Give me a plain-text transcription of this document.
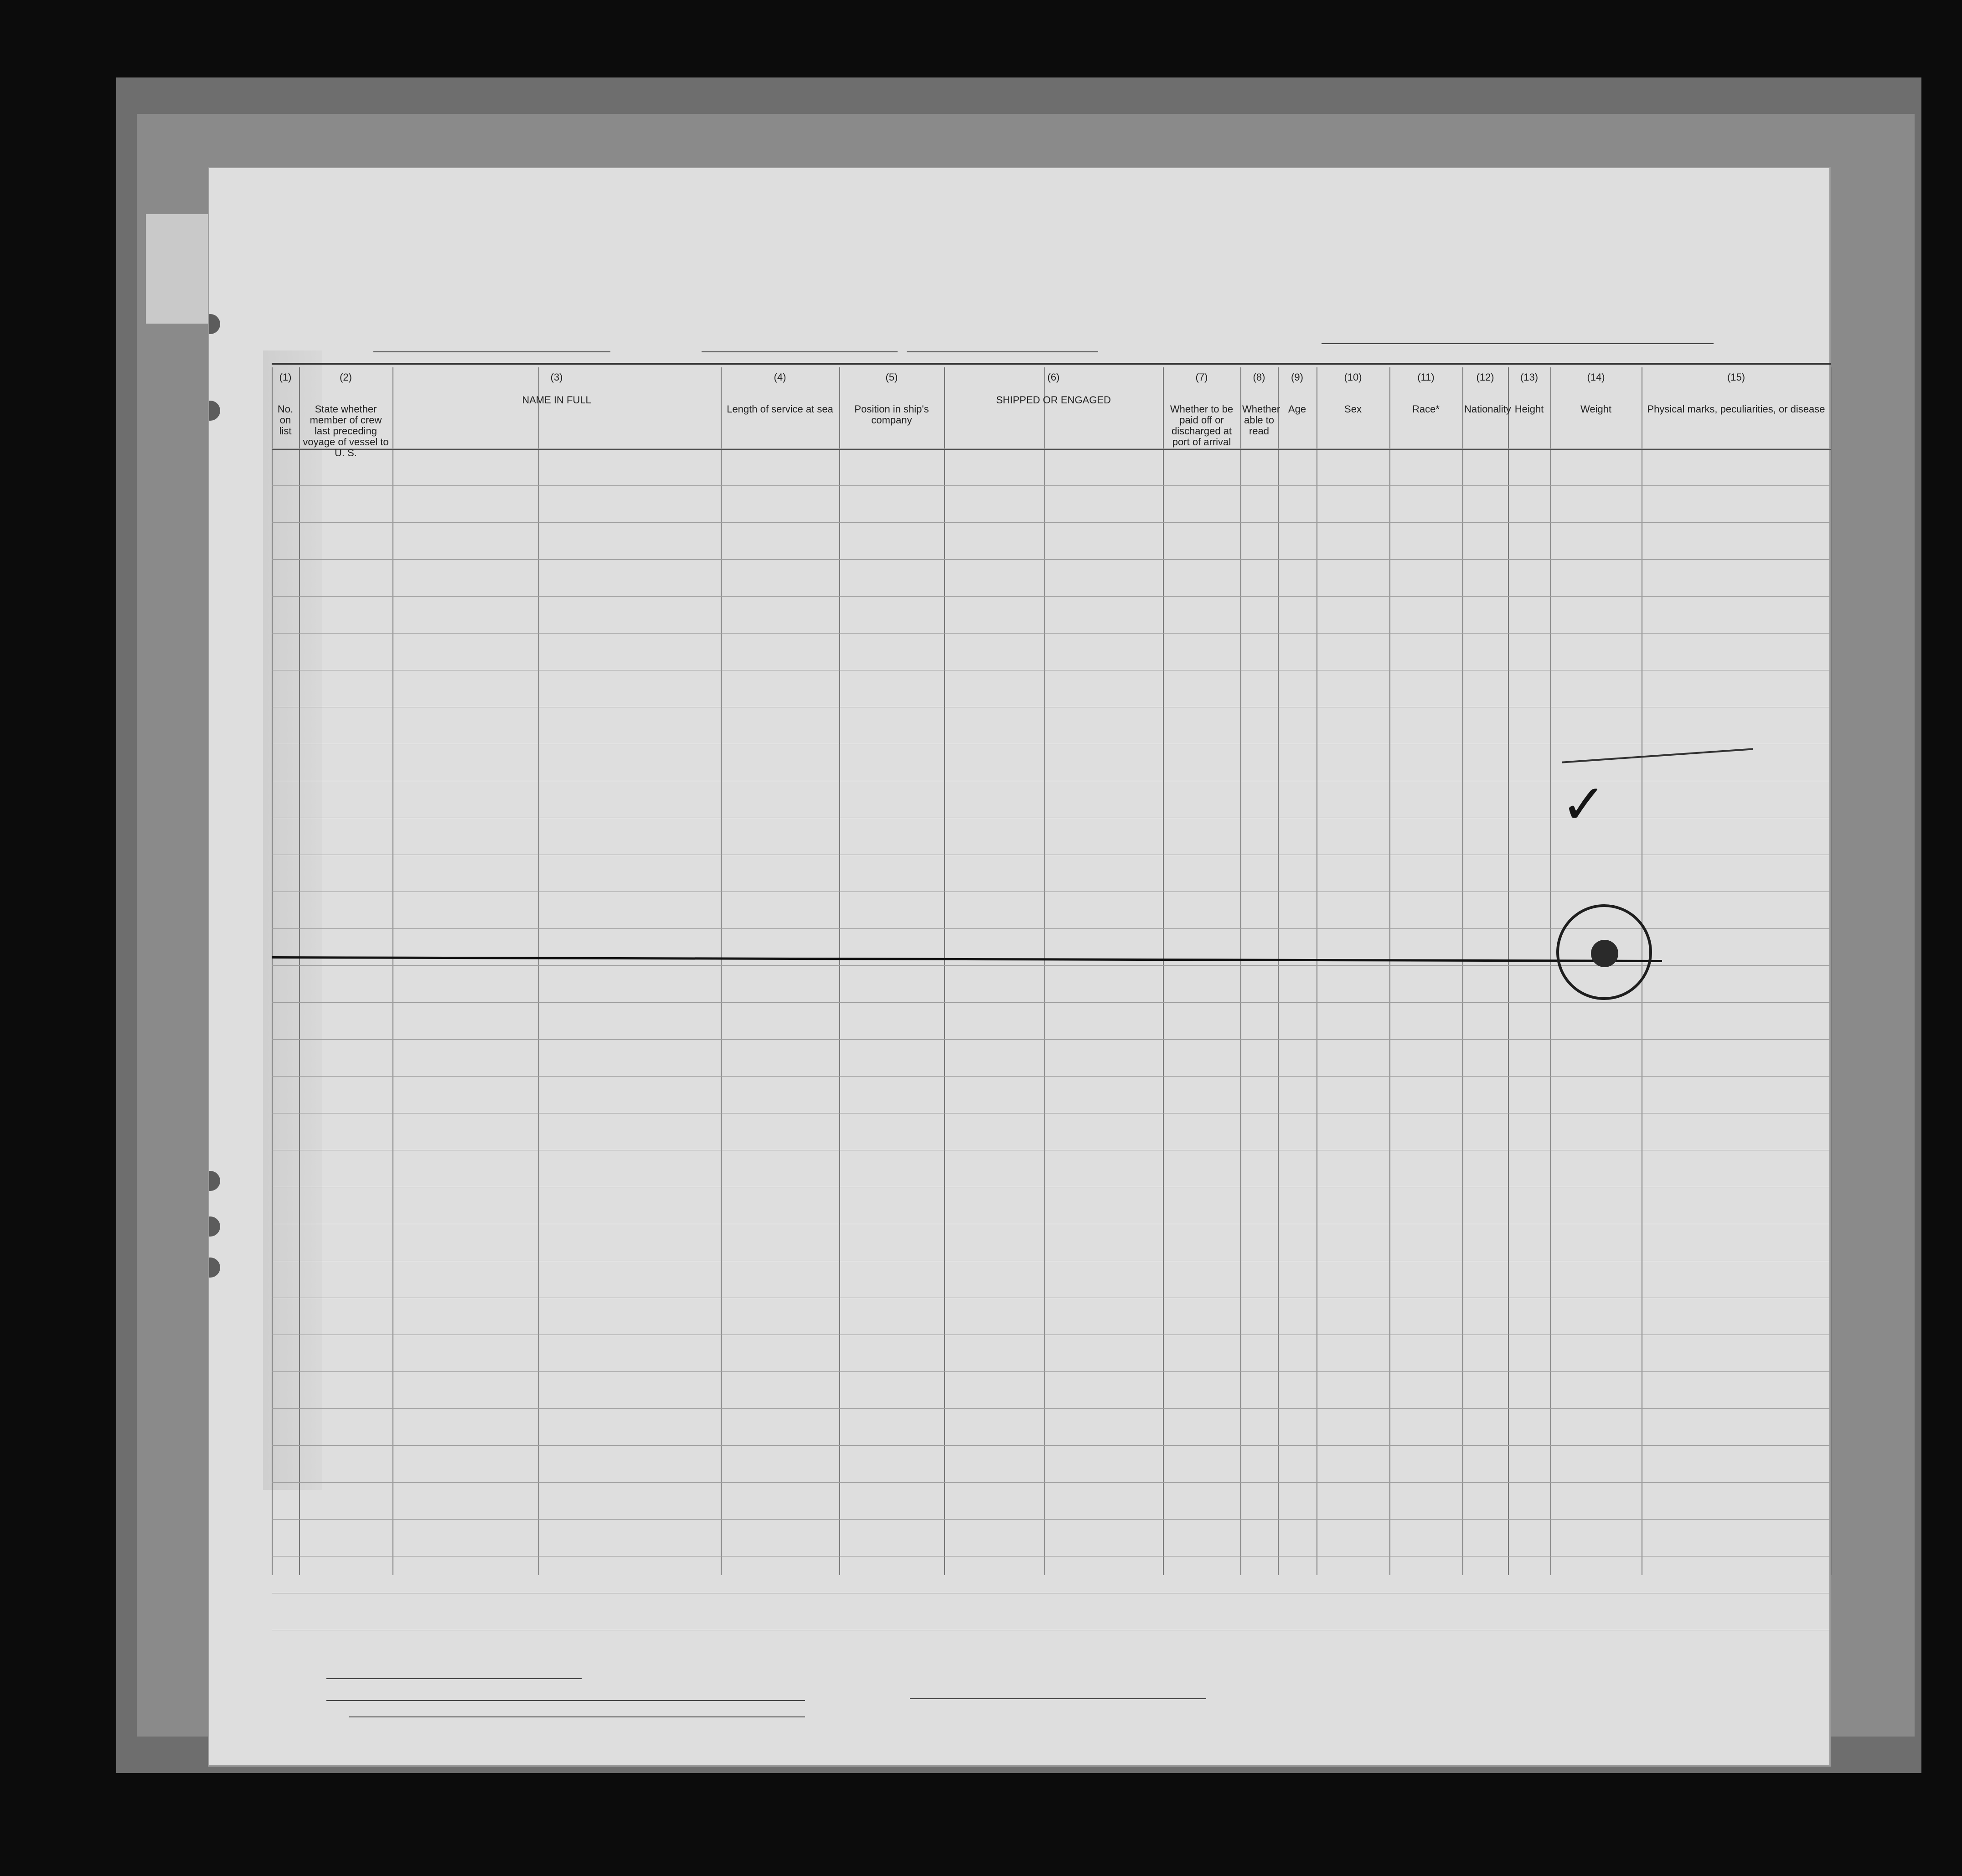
(1)
No. on list
(2)
State whether member of crew last preceding voyage of vessel to U. S.
(3)
NAME IN FULL
(4)
Length of service at sea
(5)
Position in ship's company
(6)
SHIPPED OR ENGAGED
(7)
Whether to be paid off or discharged at port of arrival
(8)
Whether able to read
(9)
Age
(10)
Sex
(11)
Race*
(12)
Nationality
(13)
Height
(14)
Weight
(15)
Physical marks, peculiarities, or disease
✓
